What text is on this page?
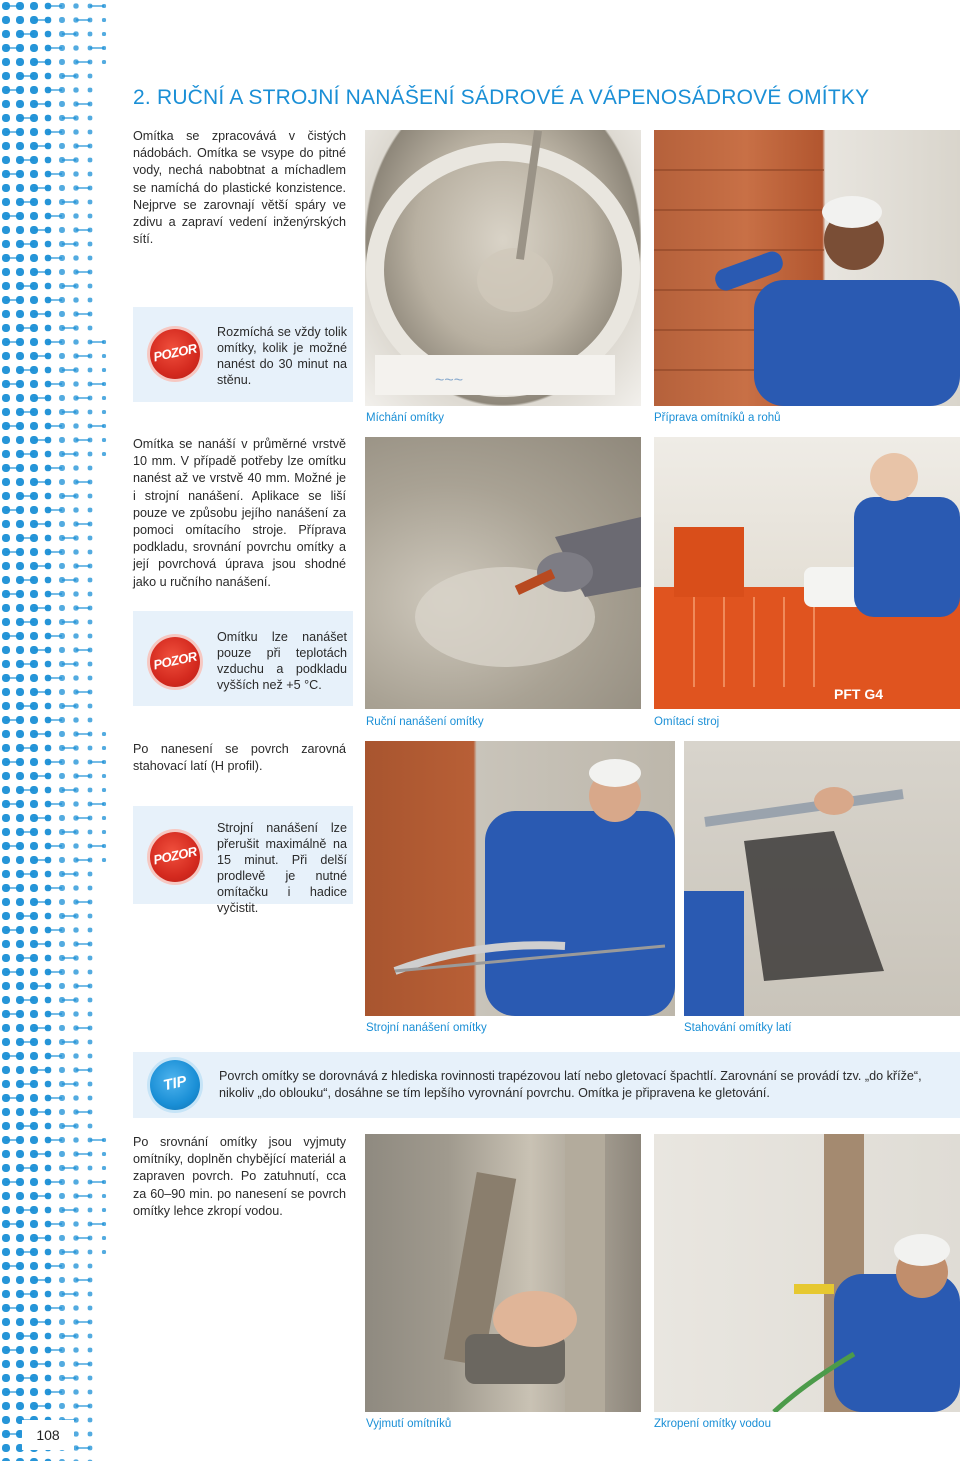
2. RUČNÍ A STROJNÍ NANÁŠENÍ SÁDROVÉ A VÁPENOSÁDROVÉ OMÍTKY
Omítka se zpracovává v čistých nádobách. Omítka se vsype do pitné vody, nechá nabobtnat a míchadlem se namíchá do plastické konzistence. Nejprve se zarovnají větší spáry ve zdivu a zapraví vedení inženýrských sítí.
POZOR
Rozmíchá se vždy tolik omítky, kolik je možné nanést do 30 minut na stěnu.
Omítka se nanáší v průměrné vrstvě 10 mm. V případě potřeby lze omítku nanést až ve vrstvě 40 mm. Možné je i strojní nanášení. Aplikace se liší pouze ve způsobu jejího nanášení za pomoci omítacího stroje. Příprava podkladu, srovnání povrchu omítky a její povrchová úprava jsou shodné jako u ručního nanášení.
POZOR
Omítku lze nanášet pouze při teplotách vzduchu a podkladu vyšších než +5 °C.
Po nanesení se povrch zarovná stahovací latí (H profil).
POZOR
Strojní nanášení lze přerušit maximálně na 15 minut. Při delší prodlevě je nutné omítačku i hadice vyčistit.
~~~
Míchání omítky	Příprava omítníků a rohů
PFT G4
Ruční nanášení omítky	Omítací stroj
Strojní nanášení omítky	Stahování omítky latí
TIP	Povrch omítky se dorovnává z hlediska rovinnosti trapézovou latí nebo gletovací špachtlí. Zarovnání se provádí tzv. „do kříže“, nikoliv „do oblouku“, dosáhne se tím lepšího vyrovnání povrchu. Omítka je připravena ke gletování.
Po srovnání omítky jsou vyjmuty omítníky, doplněn chybějící materiál a zapraven povrch. Po zatuhnutí, cca za 60–90 min. po nanesení se povrch omítky lehce zkropí vodou.
Vyjmutí omítníků	Zkropení omítky vodou
108
